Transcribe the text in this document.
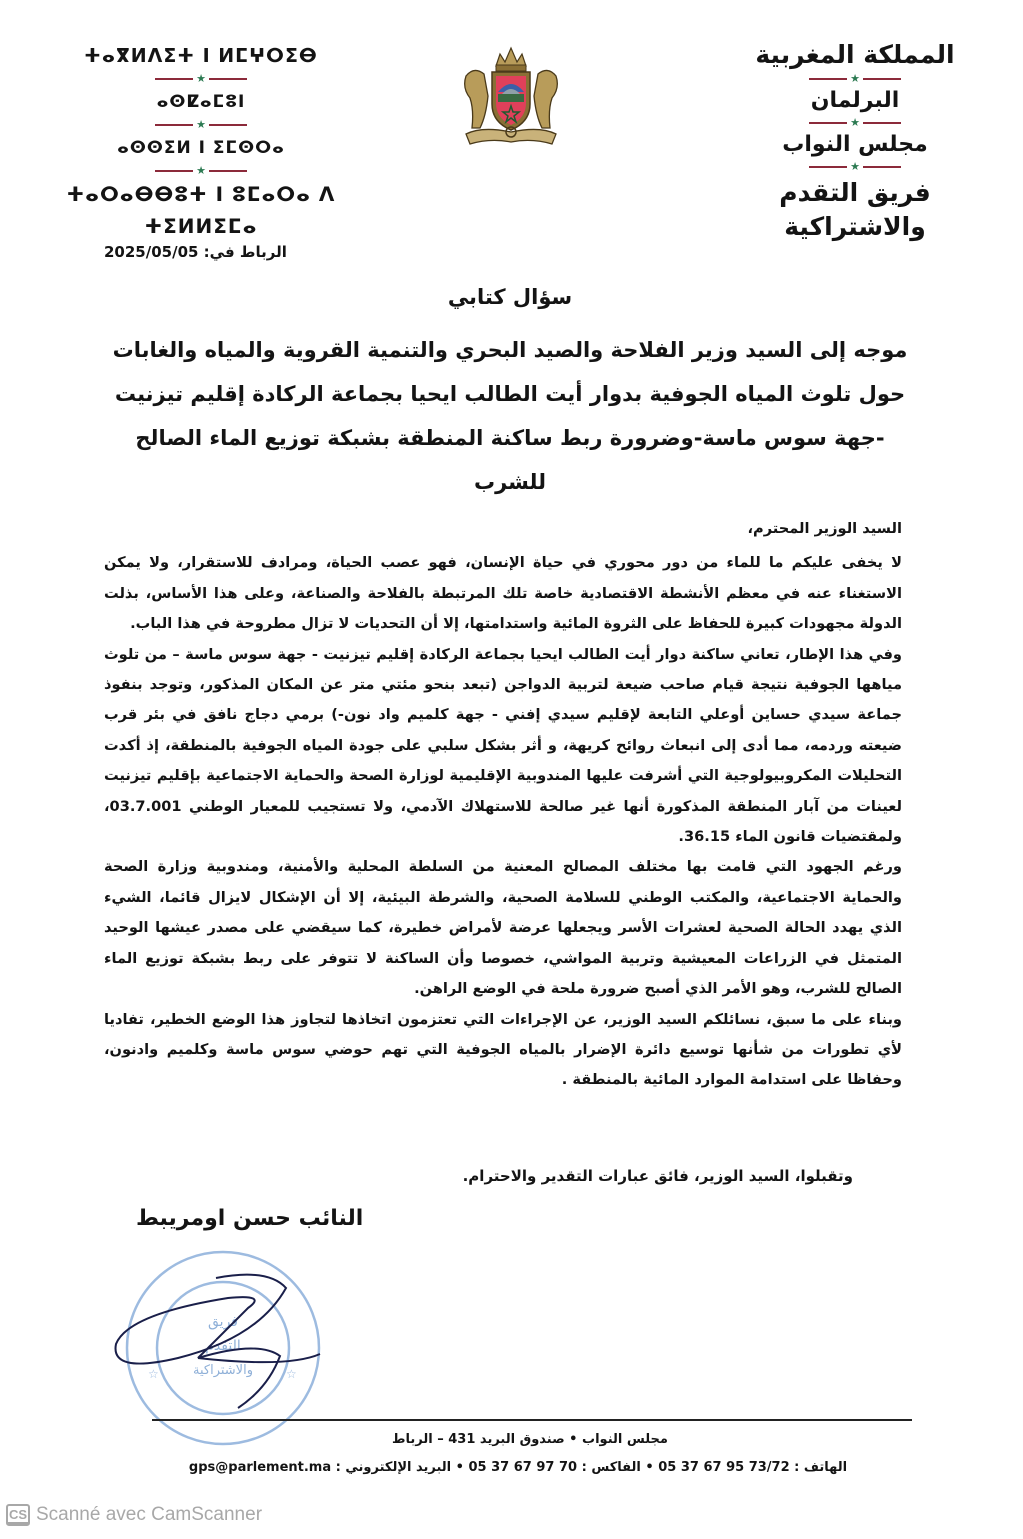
المملكة المغربية
★
البرلمان
★
مجلس النواب
★
فريق التقدم والاشتراكية
ⵜⴰⴳⵍⴷⵉⵜ ⵏ ⵍⵎⵖⵔⵉⴱ
★
ⴰⵙⵇⴰⵎⵓⵏ
★
ⴰⵙⵙⵉⵍ ⵏ ⵉⵎⵙⵔⴰ
★
ⵜⴰⵔⴰⴱⴱⵓⵜ ⵏ ⵓⵎⴰⵔⴰ ⴷ ⵜⵉⵍⵍⵉⵎⴰ
الرباط في: 2025/05/05
سؤال كتابي
موجه إلى السيد وزير الفلاحة والصيد البحري والتنمية القروية والمياه والغابات
حول تلوث المياه الجوفية بدوار أيت الطالب ايحيا بجماعة الركادة إقليم تيزنيت
-جهة سوس ماسة-وضرورة ربط ساكنة المنطقة بشبكة توزيع الماء الصالح للشرب

السيد الوزير المحترم،

لا يخفى عليكم ما للماء من دور محوري في حياة الإنسان، فهو عصب الحياة، ومرادف للاستقرار، ولا يمكن الاستغناء عنه في معظم الأنشطة الاقتصادية خاصة تلك المرتبطة بالفلاحة والصناعة، وعلى هذا الأساس، بذلت الدولة مجهودات كبيرة للحفاظ على الثروة المائية واستدامتها، إلا أن التحديات لا تزال مطروحة في هذا الباب.

وفي هذا الإطار، تعاني ساكنة دوار أيت الطالب ايحيا بجماعة الركادة إقليم تيزنيت - جهة سوس ماسة – من تلوث مياهها الجوفية نتيجة قيام صاحب ضيعة لتربية الدواجن (تبعد بنحو مئتي متر عن المكان المذكور، وتوجد بنفوذ جماعة سيدي حساين أوعلي التابعة لإقليم سيدي إفني - جهة كلميم واد نون-) برمي دجاج نافق في بئر قرب ضيعته وردمه، مما أدى إلى انبعاث روائح كريهة، و أثر بشكل سلبي على جودة المياه الجوفية بالمنطقة، إذ أكدت التحليلات المكروبيولوجية التي أشرفت عليها المندوبية الإقليمية لوزارة الصحة والحماية الاجتماعية بإقليم تيزنيت لعينات من آبار المنطقة المذكورة أنها غير صالحة للاستهلاك الآدمي، ولا تستجيب للمعيار الوطني 03.7.001، ولمقتضيات قانون الماء 36.15.

ورغم الجهود التي قامت بها مختلف المصالح المعنية من السلطة المحلية والأمنية، ومندوبية وزارة الصحة والحماية الاجتماعية، والمكتب الوطني للسلامة الصحية، والشرطة البيئية، إلا أن الإشكال لايزال قائما، الشيء الذي يهدد الحالة الصحية لعشرات الأسر ويجعلها عرضة لأمراض خطيرة، كما سيقضي على مصدر عيشها الوحيد المتمثل في الزراعات المعيشية وتربية المواشي، خصوصا وأن الساكنة لا تتوفر على ربط بشبكة توزيع الماء الصالح للشرب، وهو الأمر الذي أصبح ضرورة ملحة في الوضع الراهن.

وبناء على ما سبق، نسائلكم السيد الوزير، عن الإجراءات التي تعتزمون اتخاذها لتجاوز هذا الوضع الخطير، تفاديا لأي تطورات من شأنها توسيع دائرة الإضرار بالمياه الجوفية التي تهم حوضي سوس ماسة وكلميم وادنون، وحفاظا على استدامة الموارد المائية بالمنطقة .

وتقبلوا، السيد الوزير، فائق عبارات التقدير والاحترام.
النائب حسن اومريبط
فريق
التقدم
والاشتراكية
☆	☆
مجلس النواب • صندوق البريد 431 – الرباط
الهاتف : 73/72 95 67 37 05 • الفاكس : 70 97 67 37 05 • البريد الإلكتروني : gps@parlement.ma
CS Scanné avec CamScanner
